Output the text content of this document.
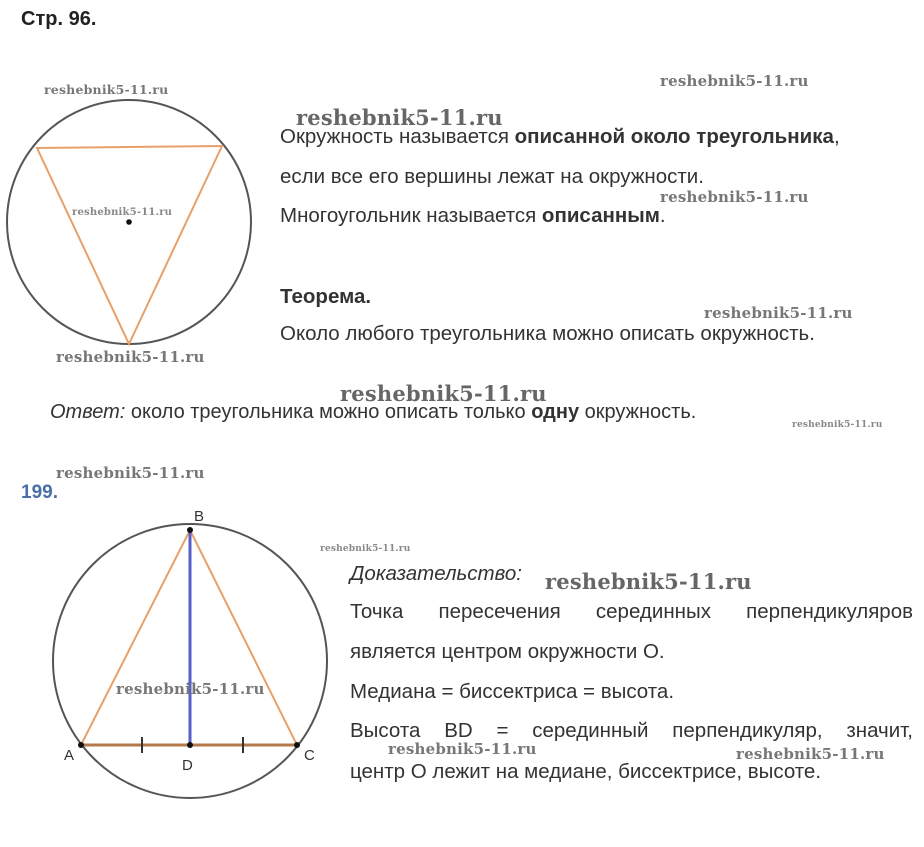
Стр. 96.
B
A	C
D
Окружность называется описанной около треугольника,
если все его вершины лежат на окружности.
Многоугольник называется описанным.
Теорема.
Около любого треугольника можно описать окружность.
Ответ: около треугольника можно описать только одну окружность.
199.
Доказательство:
Точка пересечения серединных перпендикуляров
является центром окружности О.
Медиана = биссектриса = высота.
Высота BD = серединный перпендикуляр, значит,
центр О лежит на медиане, биссектрисе, высоте.
reshebnik5-11.ru	reshebnik5-11.ru
reshebnik5-11.ru
reshebnik5-11.ru
reshebnik5-11.ru
reshebnik5-11.ru
reshebnik5-11.ru
reshebnik5-11.ru
reshebnik5-11.ru
reshebnik5-11.ru
reshebnik5-11.ru
reshebnik5-11.ru
reshebnik5-11.ru
reshebnik5-11.ru	reshebnik5-11.ru
